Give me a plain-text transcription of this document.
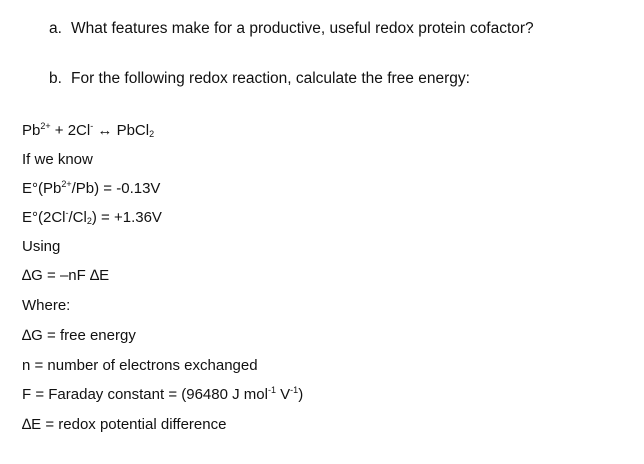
a. What features make for a productive, useful redox protein cofactor?
b. For the following redox reaction, calculate the free energy:
$Pb^{2+} + 2Cl^-$ ↔ PbCl$_2$
If we know
$E^\circ(Pb^{2+}/Pb) = -0.13V$
$E^\circ(2Cl^-/Cl_2) = +1.36V$
Using
∆G = –nF ∆E
Where:
∆G = free energy
n = number of electrons exchanged
F = Faraday constant = (96480 J mol$^{-1}$ $V^{-1}$)
∆E = redox potential difference
